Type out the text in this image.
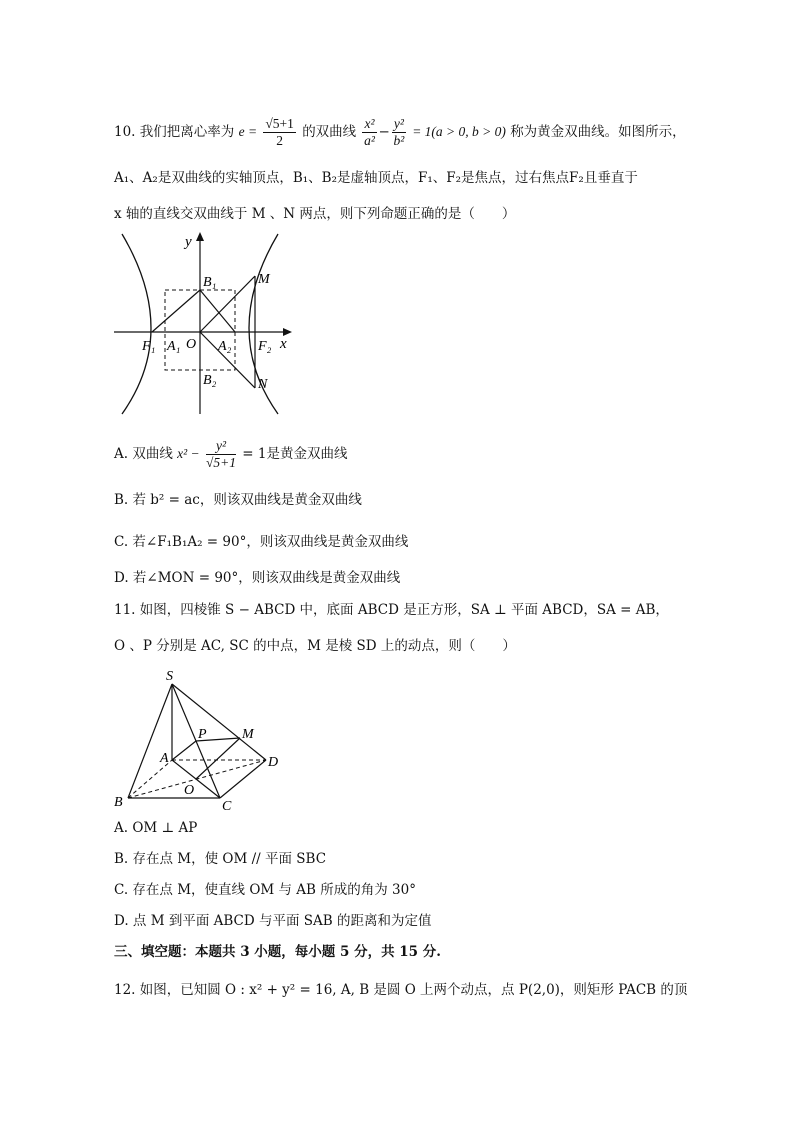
10. 我们把离心率为 $e = \frac{√5+1}{2}$ 的双曲线 $\frac{\text{x²}}{\text{a²}} - \frac{\text{y²}}{\text{b²}} = 1(a > 0$, b > 0) 称为黄金双曲线。如图所示，
A₁、A₂是双曲线的实轴顶点，B₁、B₂是虚轴顶点，F₁、F₂是焦点，过右焦点F₂且垂直于
x 轴的直线交双曲线于 M 、N 两点，则下列命题正确的是（　　）
y
x
B₁
B₂
M
N
F₁ A₁ O A₂ F₂
A. 双曲线 $x^2 - \frac{\text{y²}}{√5+1} = 1$是黄金双曲线
B. 若 b² = ac，则该双曲线是黄金双曲线
C. 若∠F₁B₁A₂ = 90°，则该双曲线是黄金双曲线
D. 若∠MON = 90°，则该双曲线是黄金双曲线
11. 如图，四棱锥 S − ABCD 中，底面 ABCD 是正方形，SA ⊥ 平面 ABCD，SA = AB，
O 、P 分别是 AC, SC 的中点，M 是棱 SD 上的动点，则（　　）
S
P	M
A	D
O
B	C
A. OM ⊥ AP
B. 存在点 M，使 OM // 平面 SBC
C. 存在点 M，使直线 OM 与 AB 所成的角为 30°
D. 点 M 到平面 ABCD 与平面 SAB 的距离和为定值
三、填空题：本题共 3 小题，每小题 5 分，共 15 分.
12. 如图，已知圆 O : x² + y² = 16, A, B 是圆 O 上两个动点，点 P(2,0)，则矩形 PACB 的顶
